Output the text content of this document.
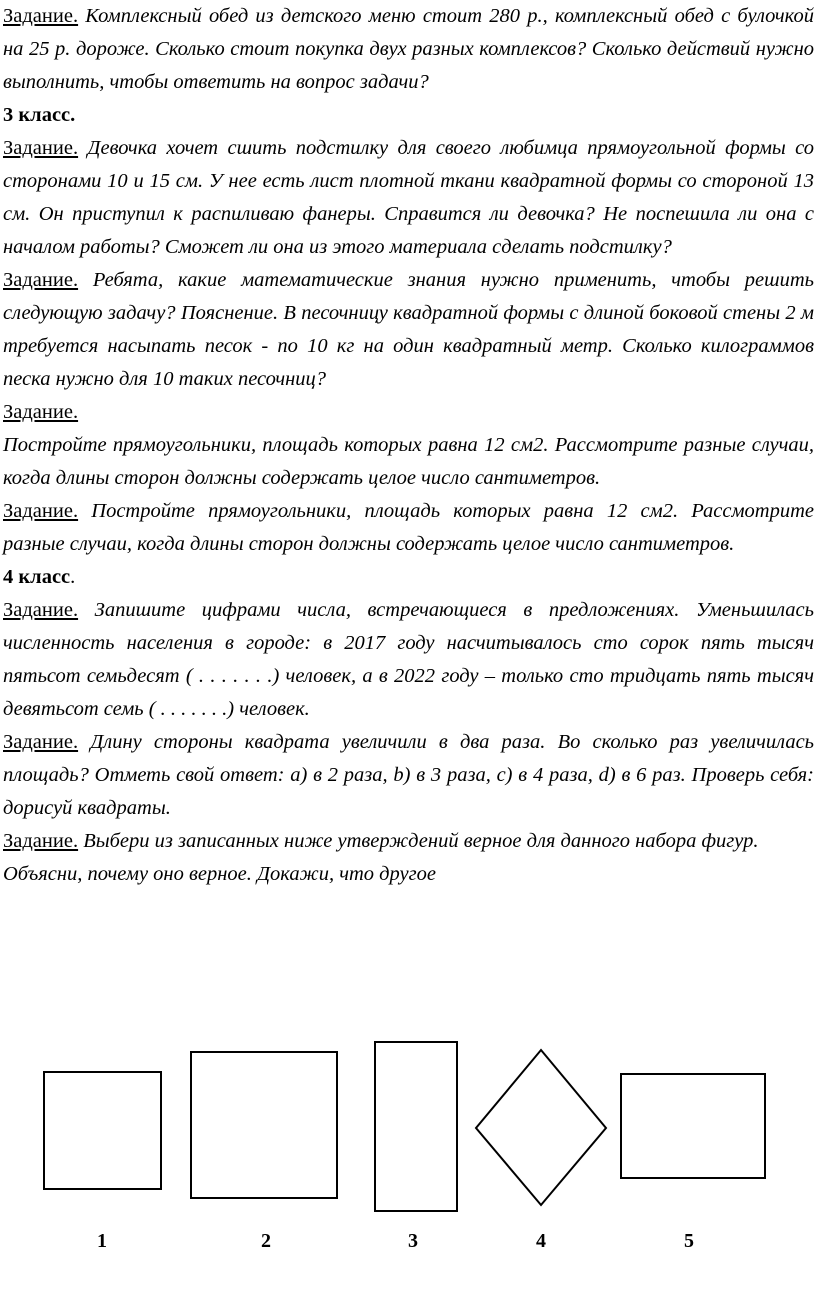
Задание. Комплексный обед из детского меню стоит 280 р., комплексный обед с булочкой на 25 р. дороже. Сколько стоит покупка двух разных комплексов? Сколько действий нужно выполнить, чтобы ответить на вопрос задачи?

3 класс.

Задание. Девочка хочет сшить подстилку для своего любимца прямоугольной формы со сторонами 10 и 15 см. У нее есть лист плотной ткани квадратной формы со стороной 13 см. Он приступил к распиливаю фанеры. Справится ли девочка? Не поспешила ли она с началом работы? Сможет ли она из этого материала сделать подстилку?

Задание. Ребята, какие математические знания нужно применить, чтобы решить следующую задачу? Пояснение. В песочницу квадратной формы с длиной боковой стены 2 м требуется насыпать песок - по 10 кг на один квадратный метр. Сколько килограммов песка нужно для 10 таких песочниц?

Задание.

Постройте прямоугольники, площадь которых равна 12 см2. Рассмотрите разные случаи, когда длины сторон должны содержать целое число сантиметров.

Задание. Постройте прямоугольники, площадь которых равна 12 см2. Рассмотрите разные случаи, когда длины сторон должны содержать целое число сантиметров.

4 класс.

Задание. Запишите цифрами числа, встречающиеся в предложениях. Уменьшилась численность населения в городе: в 2017 году насчитывалось сто сорок пять тысяч пятьсот семьдесят ( . . . . . . .) человек, а в 2022 году – только сто тридцать пять тысяч девятьсот семь ( . . . . . . .) человек.

Задание. Длину стороны квадрата увеличили в два раза. Во сколько раз увеличилась площадь? Отметь свой ответ: а) в 2 раза, b) в 3 раза, c) в 4 раза, d) в 6 раз. Проверь себя: дорисуй квадраты.

Задание. Выбери из записанных ниже утверждений верное для данного набора фигур. Объясни, почему оно верное. Докажи, что другое

1	2	3	4	5
